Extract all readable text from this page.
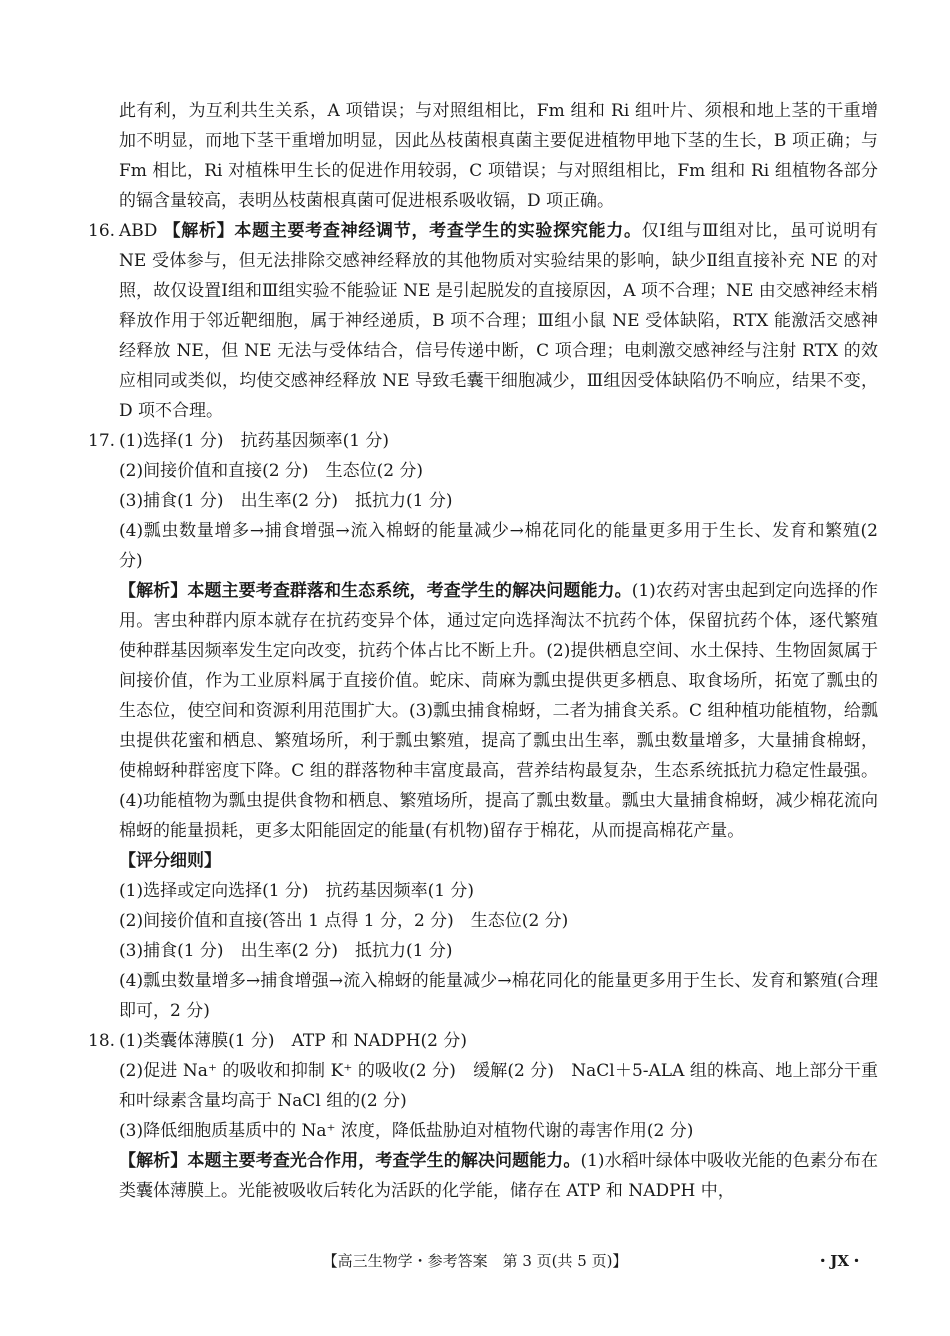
此有利，为互利共生关系，A 项错误；与对照组相比，Fm 组和 Ri 组叶片、须根和地上茎的干重增加不明显，而地下茎干重增加明显，因此丛枝菌根真菌主要促进植物甲地下茎的生长，B 项正确；与 Fm 相比，Ri 对植株甲生长的促进作用较弱，C 项错误；与对照组相比，Fm 组和 Ri 组植物各部分的镉含量较高，表明丛枝菌根真菌可促进根系吸收镉，D 项正确。

16. ABD 【解析】本题主要考查神经调节，考查学生的实验探究能力。仅Ⅰ组与Ⅲ组对比，虽可说明有 NE 受体参与，但无法排除交感神经释放的其他物质对实验结果的影响，缺少Ⅱ组直接补充 NE 的对照，故仅设置Ⅰ组和Ⅲ组实验不能验证 NE 是引起脱发的直接原因，A 项不合理；NE 由交感神经末梢释放作用于邻近靶细胞，属于神经递质，B 项不合理；Ⅲ组小鼠 NE 受体缺陷，RTX 能激活交感神经释放 NE，但 NE 无法与受体结合，信号传递中断，C 项合理；电刺激交感神经与注射 RTX 的效应相同或类似，均使交感神经释放 NE 导致毛囊干细胞减少，Ⅲ组因受体缺陷仍不响应，结果不变，D 项不合理。

17. (1)选择(1 分)　抗药基因频率(1 分)

(2)间接价值和直接(2 分)　生态位(2 分)

(3)捕食(1 分)　出生率(2 分)　抵抗力(1 分)

(4)瓢虫数量增多→捕食增强→流入棉蚜的能量减少→棉花同化的能量更多用于生长、发育和繁殖(2 分)

【解析】本题主要考查群落和生态系统，考查学生的解决问题能力。(1)农药对害虫起到定向选择的作用。害虫种群内原本就存在抗药变异个体，通过定向选择淘汰不抗药个体，保留抗药个体，逐代繁殖使种群基因频率发生定向改变，抗药个体占比不断上升。(2)提供栖息空间、水土保持、生物固氮属于间接价值，作为工业原料属于直接价值。蛇床、茼麻为瓢虫提供更多栖息、取食场所，拓宽了瓢虫的生态位，使空间和资源利用范围扩大。(3)瓢虫捕食棉蚜，二者为捕食关系。C 组种植功能植物，给瓢虫提供花蜜和栖息、繁殖场所，利于瓢虫繁殖，提高了瓢虫出生率，瓢虫数量增多，大量捕食棉蚜，使棉蚜种群密度下降。C 组的群落物种丰富度最高，营养结构最复杂，生态系统抵抗力稳定性最强。(4)功能植物为瓢虫提供食物和栖息、繁殖场所，提高了瓢虫数量。瓢虫大量捕食棉蚜，减少棉花流向棉蚜的能量损耗，更多太阳能固定的能量(有机物)留存于棉花，从而提高棉花产量。

【评分细则】

(1)选择或定向选择(1 分)　抗药基因频率(1 分)

(2)间接价值和直接(答出 1 点得 1 分，2 分)　生态位(2 分)

(3)捕食(1 分)　出生率(2 分)　抵抗力(1 分)

(4)瓢虫数量增多→捕食增强→流入棉蚜的能量减少→棉花同化的能量更多用于生长、发育和繁殖(合理即可，2 分)

18. (1)类囊体薄膜(1 分)　ATP 和 NADPH(2 分)

(2)促进 Na⁺ 的吸收和抑制 K⁺ 的吸收(2 分)　缓解(2 分)　NaCl＋5-ALA 组的株高、地上部分干重和叶绿素含量均高于 NaCl 组的(2 分)

(3)降低细胞质基质中的 Na⁺ 浓度，降低盐胁迫对植物代谢的毒害作用(2 分)

【解析】本题主要考查光合作用，考查学生的解决问题能力。(1)水稻叶绿体中吸收光能的色素分布在类囊体薄膜上。光能被吸收后转化为活跃的化学能，储存在 ATP 和 NADPH 中，

【高三生物学・参考答案　第 3 页(共 5 页)】	・JX・
